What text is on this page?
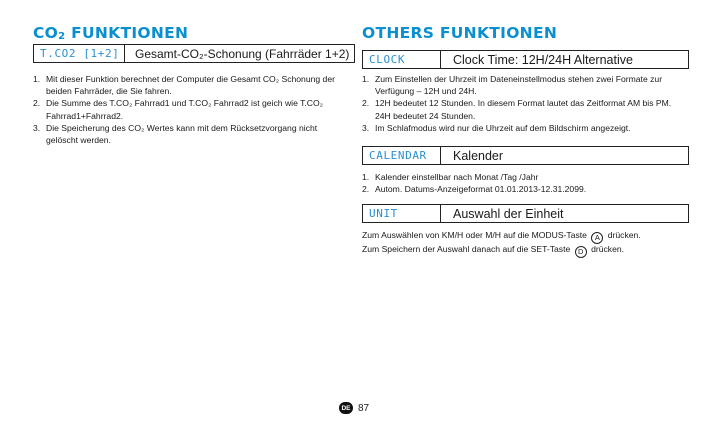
$CO_2$ FUNKTIONEN
T.CO2 [1+2]	Gesamt-CO₂-Schonung (Fahrräder 1+2)
1. Mit dieser Funktion berechnet der Computer die Gesamt CO₂ Schonung der beiden Fahrräder, die Sie fahren.
2. Die Summe des T.CO₂ Fahrrad1 und T.CO₂ Fahrrad2 ist geich wie T.CO₂ Fahrrad1+Fahrrad2.
3. Die Speicherung des CO₂ Wertes kann mit dem Rücksetzvorgang nicht gelöscht werden.
OTHERS FUNKTIONEN
CLOCK	Clock Time: 12H/24H Alternative
1. Zum Einstellen der Uhrzeit im Dateneinstellmodus stehen zwei Formate zur Verfügung – 12H und 24H.
2. 12H bedeutet 12 Stunden. In diesem Format lautet das Zeitformat AM bis PM. 24H bedeutet 24 Stunden.
3. Im Schlafmodus wird nur die Uhrzeit auf dem Bildschirm angezeigt.
CALENDAR	Kalender
1. Kalender einstellbar nach Monat /Tag /Jahr
2. Autom. Datums-Anzeigeformat 01.01.2013-12.31.2099.
UNIT	Auswahl der Einheit
Zum Auswählen von KM/H oder M/H auf die MODUS-Taste A drücken.
Zum Speichern der Auswahl danach auf die SET-Taste D drücken.
DE 87
